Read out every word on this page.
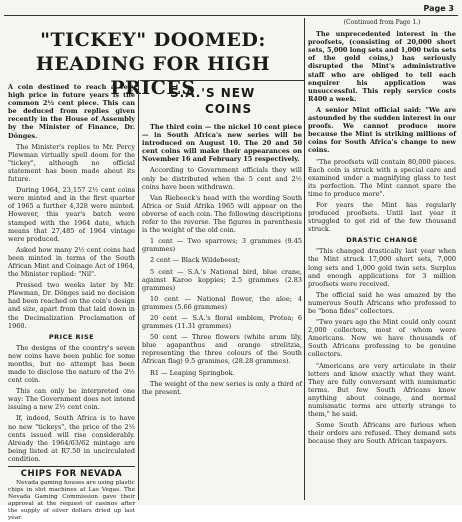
Page 3
"TICKEY" DOOMED: HEADING FOR HIGH PRICES

A coin destined to reach a very high price in future years is the common 2½ cent piece. This can be deduced from replies given recently in the House of Assembly by the Minister of Finance, Dr. Dönges.

The Minister's replies to Mr. Percy Plewman virtually spell doom for the "tickey", although no official statement has been made about its future.

During 1964, 23,157 2½ cent coins were minted and in the first quarter of 1965 a further 4,328 were minted. However, this year's batch were stamped with the 1964 date, which means that 27,485 of 1964 vintage were produced.

Asked how many 2½ cent coins had been minted in terms of the South African Mint and Coinage Act of 1964, the Minister replied: "Nil".

Pressed two weeks later by Mr. Plewman, Dr. Dönges said no decision had been reached on the coin's design and size, apart from that laid down in the Decimalization Proclamation of 1960.

PRICE RISE

The designs of the country's seven new coins have been public for some months, but no attempt has been made to disclose the nature of the 2½ cent coin.

This can only be interpreted one way: The Government does not intend issuing a new 2½ cent coin.

If, indeed, South Africa is to have no new "tickeys", the price of the 2½ cents issued will rise considerably. Already the 1964/63/62 mintage are being listed at R7.50 in uncirculated condition.

CHIPS FOR NEVADA

Nevada gaming houses are using plastic chips in slot machines at Las Vegas. The Nevada Gaming Commission gave their approval at the request of casinos after the supply of silver dollars dried up last year.

S.A.'S NEW
COINS

The third coin — the nickel 10 cent piece — in South Africa's new series will be introduced on August 10. The 20 and 50 cent coins will make their appearances on November 16 and February 15 respectively.

According to Government officials they will only be distributed when the 5 cent and 2½ coins have been withdrawn.

Van Riebeeck's head with the wording South Africa or Suid Afrika 1965 will appear on the obverse of each coin. The following descriptions refer to the reverse. The figures in parenthesis is the weight of the old coin.

1 cent — Two sparrows; 3 grammes (9.45 grammes)

2 cent — Black Wildebeest;

5 cent — S.A.'s National bird, blue crane, against Karoo koppies; 2.5 grammes (2.83 grammes)

10 cent — National flower, the aloe; 4 grammes (5.66 grammes)

20 cent — S.A.'s floral emblem, Protea; 6 grammes (11.31 grammes)

50 cent — Three flowers (white arum lily, blue agapanthus and orange strelitzia, representing the three colours of the South African flag) 9.5 grammes, (28.28 grammes).

R1 — Leaping Springbok.

The weight of the new series is only a third of the present.

(Continued from Page 1.)

The unprecedented interest in the proofsets, (consisting of 20,000 short sets, 5,000 long sets and 1,000 twin sets of the gold coins,) has seriously disrupted the Mint's administrative staff who are obliged to tell each enquirer his application was unsuccessful. This reply service costs R400 a week.

A senior Mint official said: "We are astounded by the sudden interest in our proofs. We cannot produce more because the Mint is striking millions of coins for South Africa's change to new coins.

"The proofsets will contain 80,000 pieces. Each coin is struck with a special care and examined under a magnifying glass to test its perfection. The Mint cannot spare the time to produce more".

For years the Mint has regularly produced proofsets. Until last year it struggled to get rid of the few thousand struck.

DRASTIC CHANGE

"This changed drastically last year when the Mint struck 17,000 short sets, 7,000 long sets and 1,000 gold twin sets. Surplus and enough applications for 3 million proofsets were received.

The official said he was amazed by the numerous South Africans who professed to be "bona fides" collectors.

"Two years ago the Mint could only count 2,000 collectors, most of whom were Americans. Now we have thousands of South Africans professing to be genuine collectors.

"Americans are very articulate in their letters and know exactly what they want. They are fully conversant with numismatic terms. But few South Africans know anything about coinage, and normal numismatic terms are utterly strange to them," he said.

Some South Africans are furious when their orders are refused. They demand sets because they are South African taxpayers.
